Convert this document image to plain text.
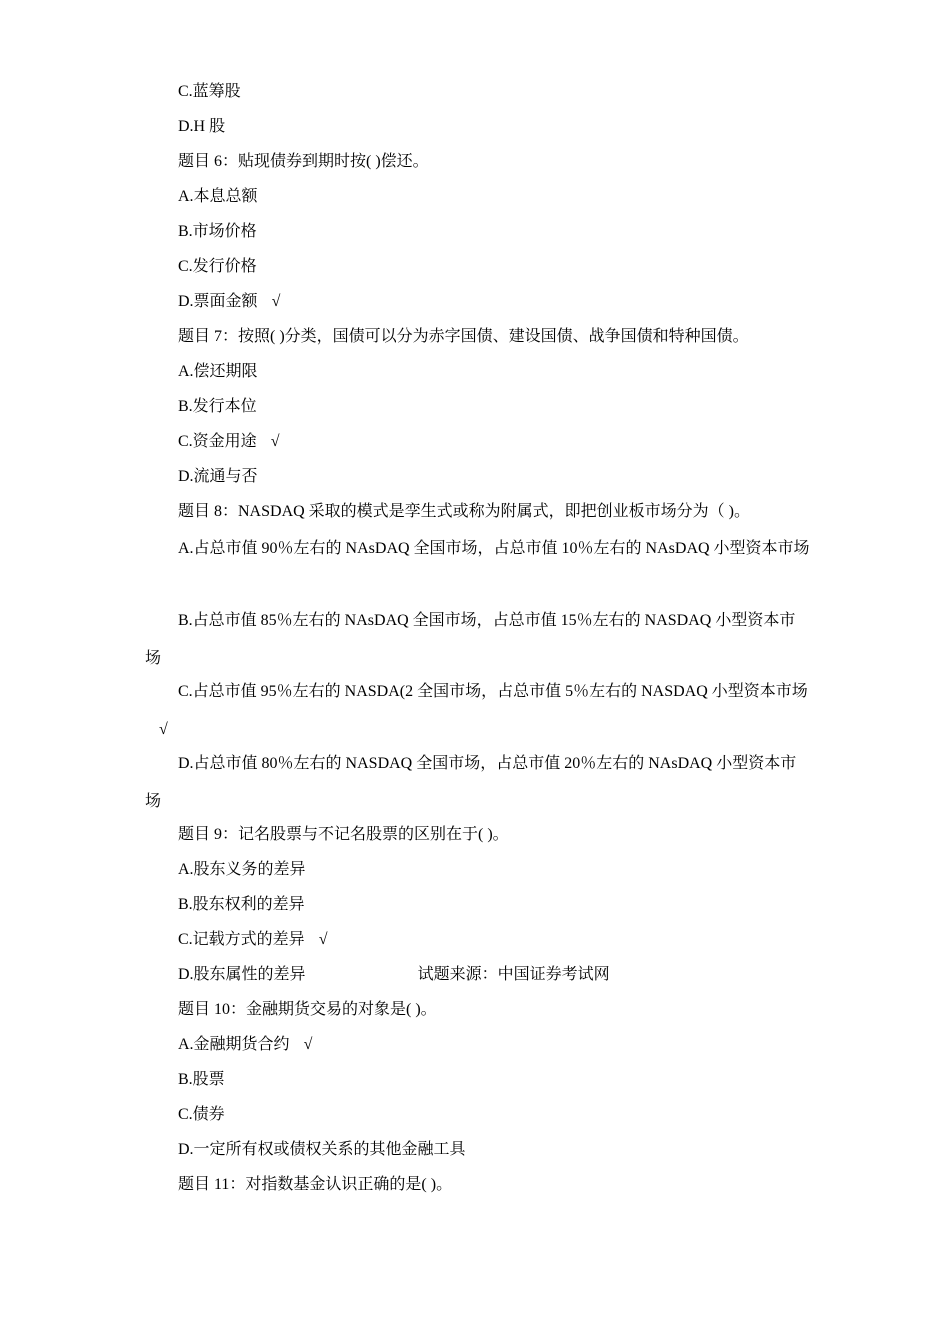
C.蓝筹股
D.H 股
题目 6：贴现债券到期时按( )偿还。
A.本息总额
B.市场价格
C.发行价格
D.票面金额 √
题目 7：按照( )分类，国债可以分为赤字国债、建设国债、战争国债和特种国债。
A.偿还期限
B.发行本位
C.资金用途 √
D.流通与否
题目 8：NASDAQ 采取的模式是孪生式或称为附属式，即把创业板市场分为（ )。
A.占总市值 90％左右的 NAsDAQ 全国市场，占总市值 10％左右的 NAsDAQ 小型资本市场
B.占总市值 85％左右的 NAsDAQ 全国市场，占总市值 15％左右的 NASDAQ 小型资本市场
C.占总市值 95％左右的 NASDA(2 全国市场，占总市值 5％左右的 NASDAQ 小型资本市场√
D.占总市值 80％左右的 NASDAQ 全国市场，占总市值 20％左右的 NAsDAQ 小型资本市场
题目 9：记名股票与不记名股票的区别在于( )。
A.股东义务的差异
B.股东权利的差异
C.记载方式的差异 √
D.股东属性的差异	试题来源：中国证券考试网
题目 10：金融期货交易的对象是( )。
A.金融期货合约 √
B.股票
C.债券
D.一定所有权或债权关系的其他金融工具
题目 11：对指数基金认识正确的是( )。
